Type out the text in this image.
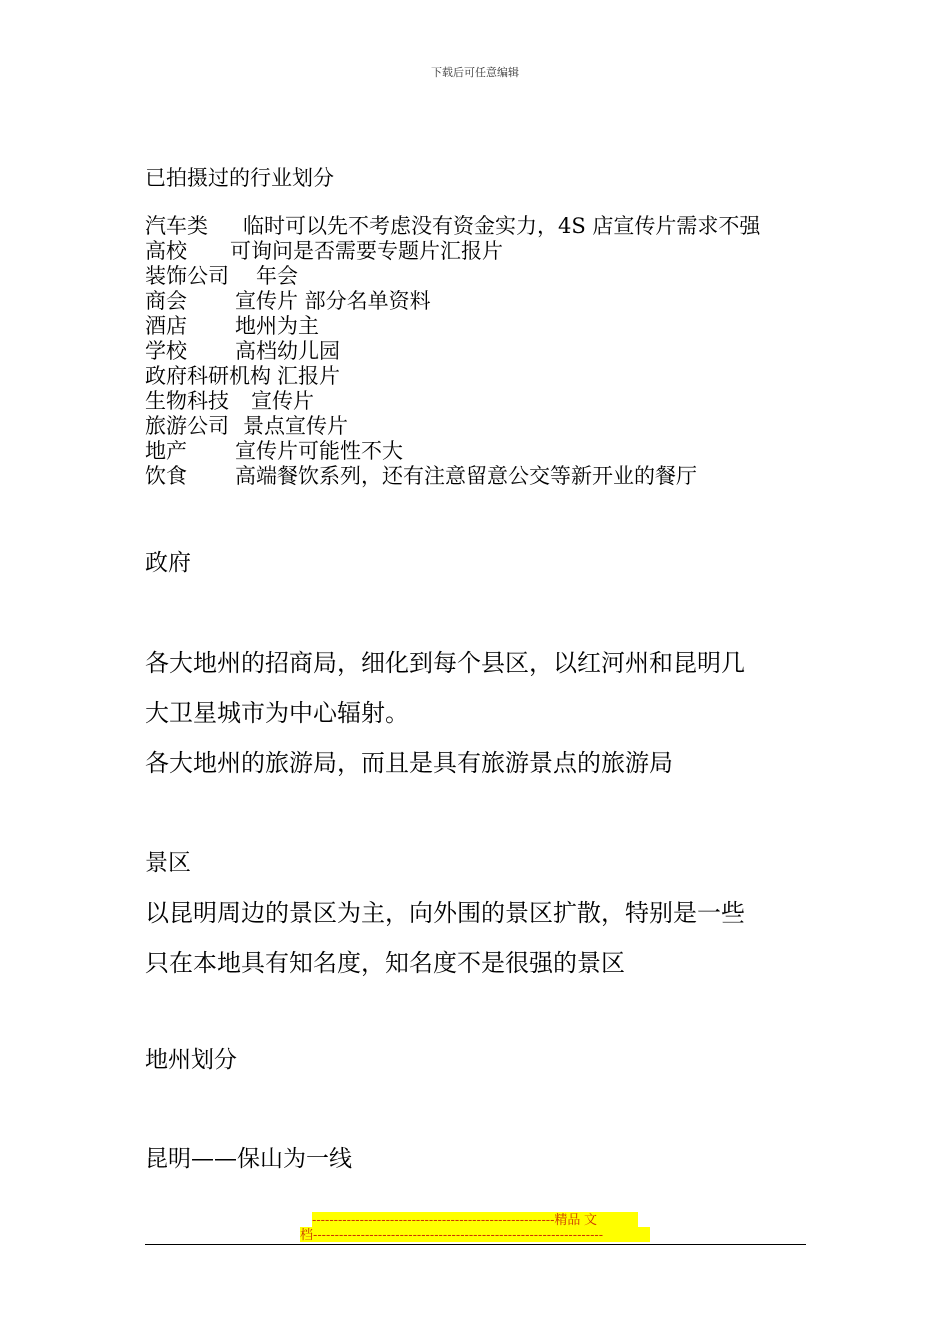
下载后可任意编辑
已拍摄过的行业划分
汽车类	临时可以先不考虑没有资金实力，4S 店宣传片需求不强
高校	可询问是否需要专题片汇报片
装饰公司	年会
商会	宣传片 部分名单资料
酒店	地州为主
学校	高档幼儿园
政府科研机构 汇报片
生物科技	宣传片
旅游公司 景点宣传片
地产	宣传片可能性不大
饮食	高端餐饮系列，还有注意留意公交等新开业的餐厅
政府
各大地州的招商局，细化到每个县区，以红河州和昆明几
大卫星城市为中心辐射。
各大地州的旅游局，而且是具有旅游景点的旅游局
景区
以昆明周边的景区为主，向外围的景区扩散，特别是一些
只在本地具有知名度，知名度不是很强的景区
地州划分
昆明——保山为一线
--------------------------------------------------------精品 文
档-------------------------------------------------------------------
